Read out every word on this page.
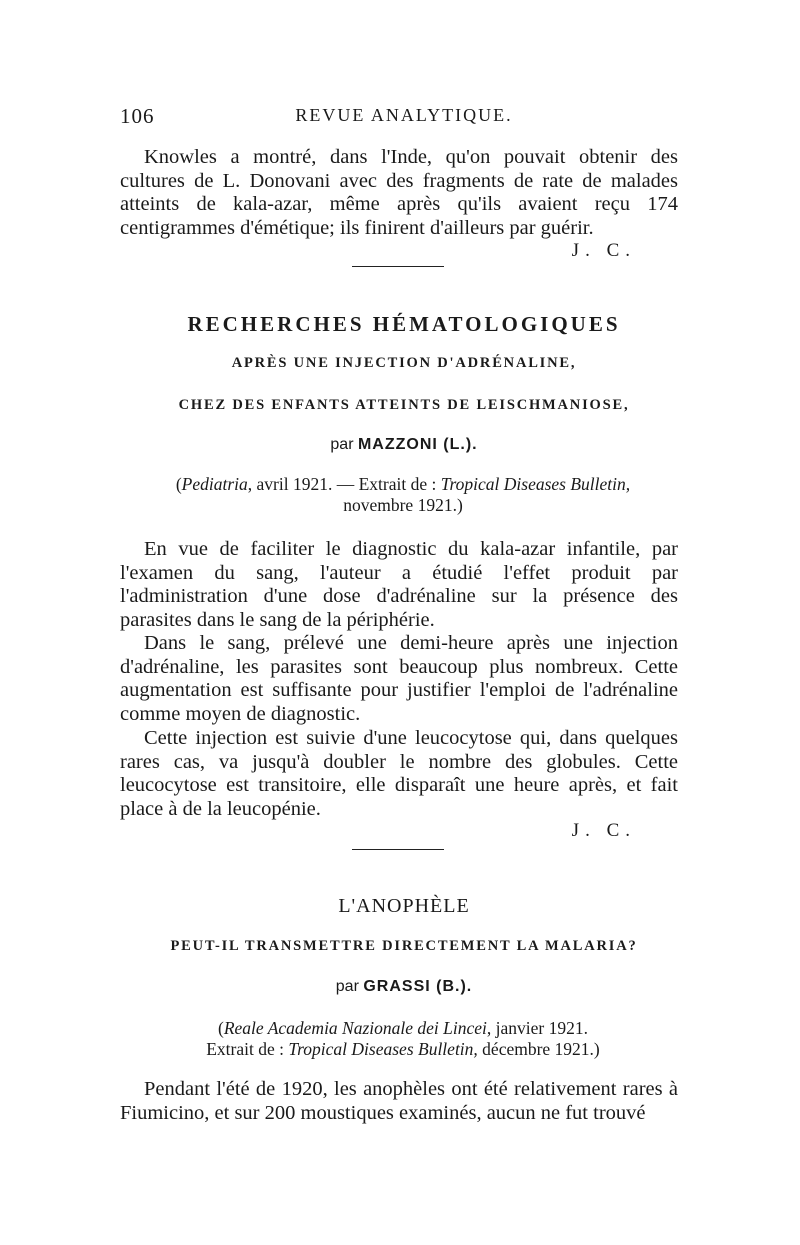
106	REVUE ANALYTIQUE.

Knowles a montré, dans l'Inde, qu'on pouvait obtenir des cultures de L. Donovani avec des fragments de rate de malades atteints de kala-azar, même après qu'ils avaient reçu 174 centigrammes d'émétique; ils finirent d'ailleurs par guérir.

J. C.
RECHERCHES HÉMATOLOGIQUES
APRÈS UNE INJECTION D'ADRÉNALINE,
CHEZ DES ENFANTS ATTEINTS DE LEISCHMANIOSE,
par MAZZONI (L.).
(Pediatria, avril 1921. — Extrait de : Tropical Diseases Bulletin,
novembre 1921.)

En vue de faciliter le diagnostic du kala-azar infantile, par l'examen du sang, l'auteur a étudié l'effet produit par l'administration d'une dose d'adrénaline sur la présence des parasites dans le sang de la périphérie.

Dans le sang, prélevé une demi-heure après une injection d'adrénaline, les parasites sont beaucoup plus nombreux. Cette augmentation est suffisante pour justifier l'emploi de l'adrénaline comme moyen de diagnostic.

Cette injection est suivie d'une leucocytose qui, dans quelques rares cas, va jusqu'à doubler le nombre des globules. Cette leucocytose est transitoire, elle disparaît une heure après, et fait place à de la leucopénie.

J. C.
L'ANOPHÈLE
PEUT-IL TRANSMETTRE DIRECTEMENT LA MALARIA?
par GRASSI (B.).
(Reale Academia Nazionale dei Lincei, janvier 1921.
Extrait de : Tropical Diseases Bulletin, décembre 1921.)

Pendant l'été de 1920, les anophèles ont été relativement rares à Fiumicino, et sur 200 moustiques examinés, aucun ne fut trouvé
